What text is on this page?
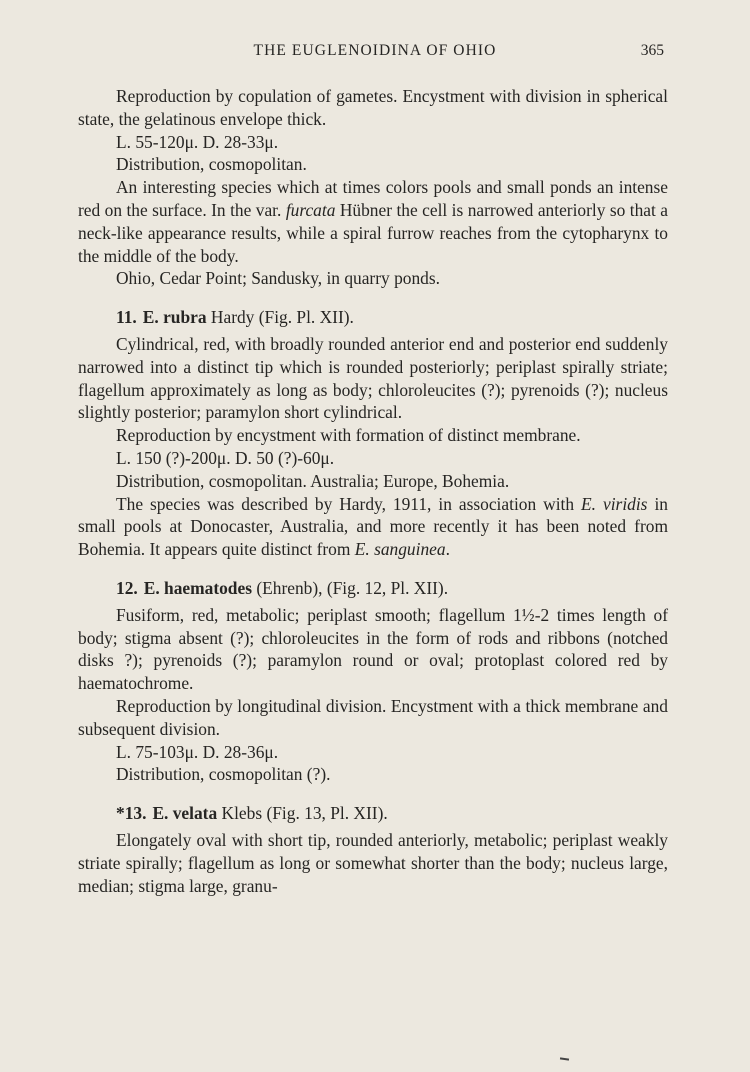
THE EUGLENOIDINA OF OHIO	365

Reproduction by copulation of gametes. Encystment with division in spherical state, the gelatinous envelope thick.

L. 55-120μ. D. 28-33μ.

Distribution, cosmopolitan.

An interesting species which at times colors pools and small ponds an intense red on the surface. In the var. furcata Hübner the cell is narrowed anteriorly so that a neck-like appearance results, while a spiral furrow reaches from the cytopharynx to the middle of the body.

Ohio, Cedar Point; Sandusky, in quarry ponds.

11. E. rubra Hardy (Fig. Pl. XII).

Cylindrical, red, with broadly rounded anterior end and posterior end suddenly narrowed into a distinct tip which is rounded posteriorly; periplast spirally striate; flagellum approximately as long as body; chloroleucites (?); pyrenoids (?); nucleus slightly posterior; paramylon short cylindrical.

Reproduction by encystment with formation of distinct membrane.

L. 150 (?)-200μ. D. 50 (?)-60μ.

Distribution, cosmopolitan. Australia; Europe, Bohemia.

The species was described by Hardy, 1911, in association with E. viridis in small pools at Donocaster, Australia, and more recently it has been noted from Bohemia. It appears quite distinct from E. sanguinea.

12. E. haematodes (Ehrenb), (Fig. 12, Pl. XII).

Fusiform, red, metabolic; periplast smooth; flagellum 1½-2 times length of body; stigma absent (?); chloroleucites in the form of rods and ribbons (notched disks ?); pyrenoids (?); paramylon round or oval; protoplast colored red by haematochrome.

Reproduction by longitudinal division. Encystment with a thick membrane and subsequent division.

L. 75-103μ. D. 28-36μ.

Distribution, cosmopolitan (?).

*13. E. velata Klebs (Fig. 13, Pl. XII).

Elongately oval with short tip, rounded anteriorly, metabolic; periplast weakly striate spirally; flagellum as long or somewhat shorter than the body; nucleus large, median; stigma large, granu-
